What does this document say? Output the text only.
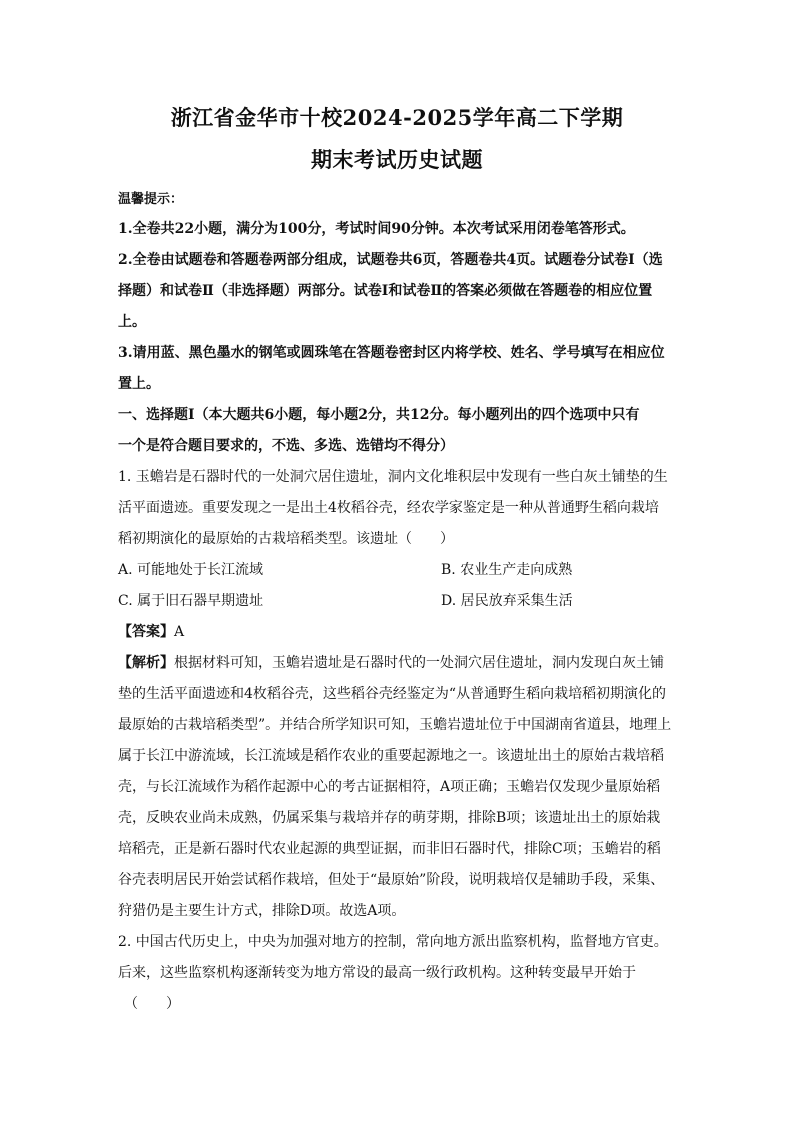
浙江省金华市十校2024-2025学年高二下学期
期末考试历史试题
温馨提示：

1.全卷共22小题，满分为100分，考试时间90分钟。本次考试采用闭卷笔答形式。

2.全卷由试题卷和答题卷两部分组成，试题卷共6页，答题卷共4页。试题卷分试卷Ⅰ（选

择题）和试卷Ⅱ（非选择题）两部分。试卷Ⅰ和试卷Ⅱ的答案必须做在答题卷的相应位置

上。

3.请用蓝、黑色墨水的钢笔或圆珠笔在答题卷密封区内将学校、姓名、学号填写在相应位

置上。

一、选择题Ⅰ（本大题共6小题，每小题2分，共12分。每小题列出的四个选项中只有

一个是符合题目要求的，不选、多选、选错均不得分）

1. 玉蟾岩是石器时代的一处洞穴居住遗址，洞内文化堆积层中发现有一些白灰土铺垫的生

活平面遗迹。重要发现之一是出土4枚稻谷壳，经农学家鉴定是一种从普通野生稻向栽培

稻初期演化的最原始的古栽培稻类型。该遗址（　　）

A. 可能地处于长江流域	B. 农业生产走向成熟
C. 属于旧石器早期遗址	D. 居民放弃采集生活

【答案】A

【解析】根据材料可知，玉蟾岩遗址是石器时代的一处洞穴居住遗址，洞内发现白灰土铺

垫的生活平面遗迹和4枚稻谷壳，这些稻谷壳经鉴定为“从普通野生稻向栽培稻初期演化的

最原始的古栽培稻类型”。并结合所学知识可知，玉蟾岩遗址位于中国湖南省道县，地理上

属于长江中游流域，长江流域是稻作农业的重要起源地之一。该遗址出土的原始古栽培稻

壳，与长江流域作为稻作起源中心的考古证据相符，A项正确；玉蟾岩仅发现少量原始稻

壳，反映农业尚未成熟，仍属采集与栽培并存的萌芽期，排除B项；该遗址出土的原始栽

培稻壳，正是新石器时代农业起源的典型证据，而非旧石器时代，排除C项；玉蟾岩的稻

谷壳表明居民开始尝试稻作栽培，但处于“最原始”阶段，说明栽培仅是辅助手段，采集、

狩猎仍是主要生计方式，排除D项。故选A项。

2. 中国古代历史上，中央为加强对地方的控制，常向地方派出监察机构，监督地方官吏。

后来，这些监察机构逐渐转变为地方常设的最高一级行政机构。这种转变最早开始于

（　　）
